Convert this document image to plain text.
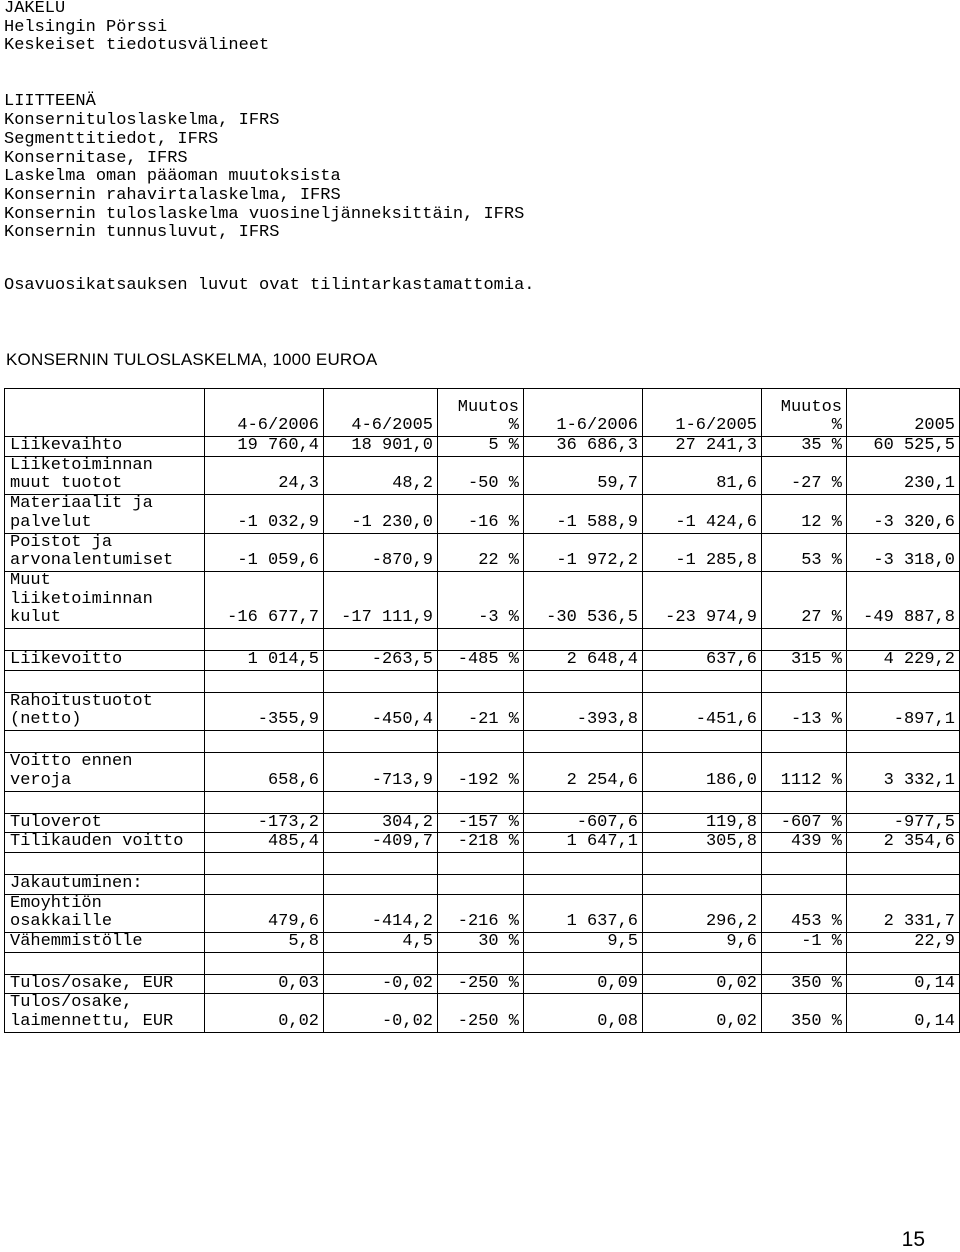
JAKELU
Helsingin Pörssi
Keskeiset tiedotusvälineet
LIITTEENÄ
Konsernituloslaskelma, IFRS
Segmenttitiedot, IFRS
Konsernitase, IFRS
Laskelma oman pääoman muutoksista
Konsernin rahavirtalaskelma, IFRS
Konsernin tuloslaskelma vuosineljänneksittäin, IFRS
Konsernin tunnusluvut, IFRS
Osavuosikatsauksen luvut ovat tilintarkastamattomia.
KONSERNIN TULOSLASKELMA, 1000 EUROA
	4-6/2006	4-6/2005	Muutos %	1-6/2006	1-6/2005	Muutos %	2005
Liikevaihto	19 760,4	18 901,0	5 %	36 686,3	27 241,3	35 %	60 525,5
Liiketoiminnan muut tuotot	24,3	48,2	-50 %	59,7	81,6	-27 %	230,1
Materiaalit ja palvelut	-1 032,9	-1 230,0	-16 %	-1 588,9	-1 424,6	12 %	-3 320,6
Poistot ja arvonalentumiset	-1 059,6	-870,9	22 %	-1 972,2	-1 285,8	53 %	-3 318,0
Muut liiketoiminnan kulut	-16 677,7	-17 111,9	-3 %	-30 536,5	-23 974,9	27 %	-49 887,8

Liikevoitto	1 014,5	-263,5	-485 %	2 648,4	637,6	315 %	4 229,2

Rahoitustuotot (netto)	-355,9	-450,4	-21 %	-393,8	-451,6	-13 %	-897,1

Voitto ennen veroja	658,6	-713,9	-192 %	2 254,6	186,0	1112 %	3 332,1

Tuloverot	-173,2	304,2	-157 %	-607,6	119,8	-607 %	-977,5
Tilikauden voitto	485,4	-409,7	-218 %	1 647,1	305,8	439 %	2 354,6

Jakautuminen:							
Emoyhtiön osakkaille	479,6	-414,2	-216 %	1 637,6	296,2	453 %	2 331,7
Vähemmistölle	5,8	4,5	30 %	9,5	9,6	-1 %	22,9

Tulos/osake, EUR	0,03	-0,02	-250 %	0,09	0,02	350 %	0,14
Tulos/osake, laimennettu, EUR	0,02	-0,02	-250 %	0,08	0,02	350 %	0,14
15
